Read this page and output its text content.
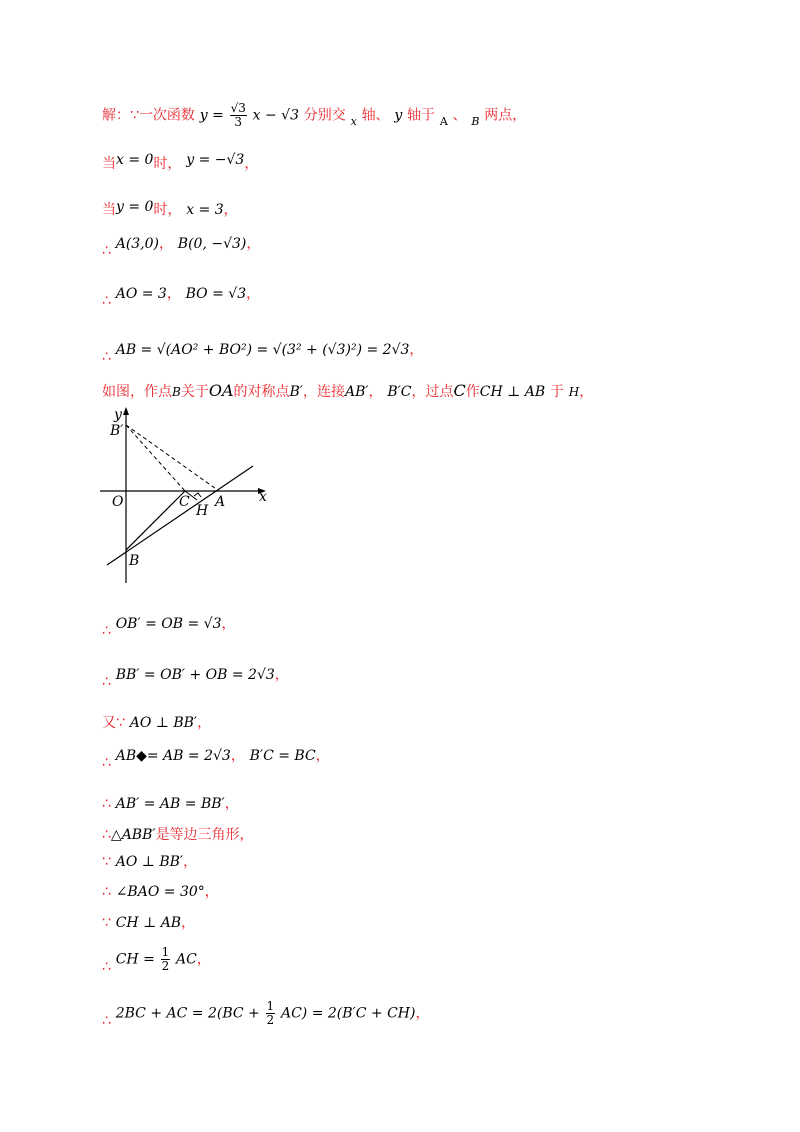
解：∵一次函数 $y = \frac{√3}{3}$ x − √3 分别交 $_x$ 轴、 y 轴于 $_A$ 、 $_B$ 两点，
当x = 0时， y = −√3，
当y = 0时， x = 3，
∴ A(3,0)， B(0, −√3)，
∴ AO = 3， BO = √3，
∴ AB = √(AO² + BO²) = √(3² + (√3)²) = 2√3，
如图，作点B关于OA的对称点B′，连接AB′， B′C，过点C作CH ⊥ AB 于 H，
y
B′
O	C
H
A x
B
∴ OB′ = OB = √3，
∴ BB′ = OB′ + OB = 2√3，
又∵ AO ⊥ BB′，
∴ AB◆= AB = 2√3， B′C = BC，
∴ AB′ = AB = BB′，
∴△ABB′是等边三角形，
∵ AO ⊥ BB′，
∴ ∠BAO = 30°，
∵ CH ⊥ AB，
∴ CH = $\frac{1}{2}$ AC，
∴ 2BC + AC = $2(BC + \frac{1}{2} AC) = 2(B'C + CH)$，
